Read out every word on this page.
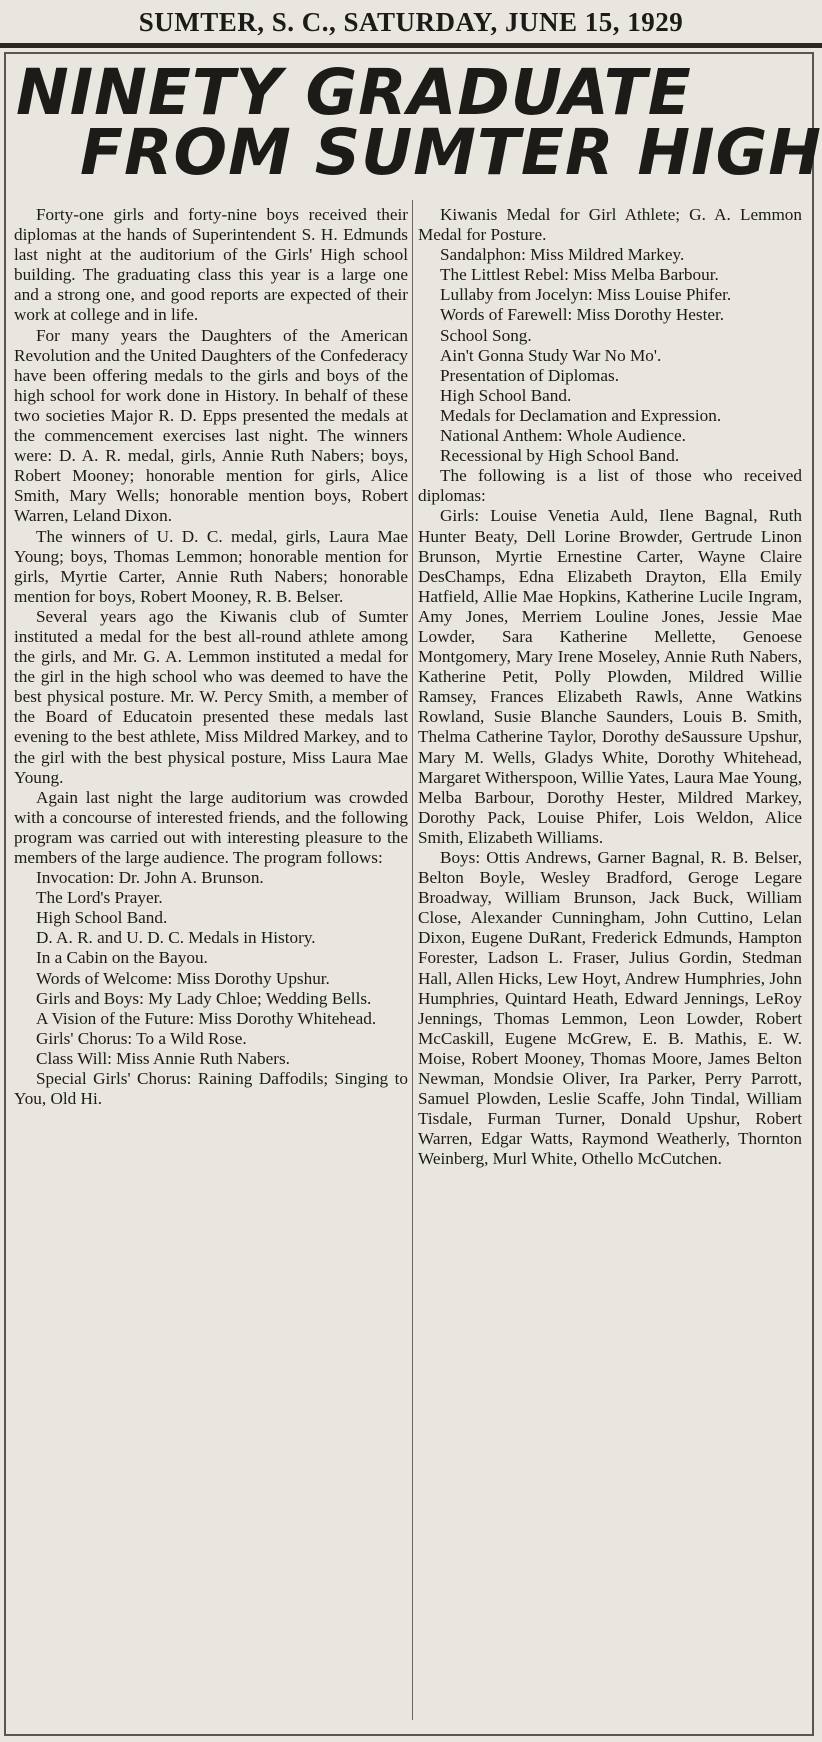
SUMTER, S. C., SATURDAY, JUNE 15, 1929
NINETY GRADUATE
FROM SUMTER HIGH

Forty-one girls and forty-nine boys received their diplomas at the hands of Superintendent S. H. Edmunds last night at the auditorium of the Girls' High school building. The graduating class this year is a large one and a strong one, and good reports are expected of their work at college and in life.

For many years the Daughters of the American Revolution and the United Daughters of the Confederacy have been offering medals to the girls and boys of the high school for work done in History. In behalf of these two societies Major R. D. Epps presented the medals at the commencement exercises last night. The winners were: D. A. R. medal, girls, Annie Ruth Nabers; boys, Robert Mooney; honorable mention for girls, Alice Smith, Mary Wells; honorable mention boys, Robert Warren, Leland Dixon.

The winners of U. D. C. medal, girls, Laura Mae Young; boys, Thomas Lemmon; honorable mention for girls, Myrtie Carter, Annie Ruth Nabers; honorable mention for boys, Robert Mooney, R. B. Belser.

Several years ago the Kiwanis club of Sumter instituted a medal for the best all-round athlete among the girls, and Mr. G. A. Lemmon instituted a medal for the girl in the high school who was deemed to have the best physical posture. Mr. W. Percy Smith, a member of the Board of Educatoin presented these medals last evening to the best athlete, Miss Mildred Markey, and to the girl with the best physical posture, Miss Laura Mae Young.

Again last night the large auditorium was crowded with a concourse of interested friends, and the following program was carried out with interesting pleasure to the members of the large audience. The program follows:

Invocation: Dr. John A. Brunson.

The Lord's Prayer.

High School Band.

D. A. R. and U. D. C. Medals in History.

In a Cabin on the Bayou.

Words of Welcome: Miss Dorothy Upshur.

Girls and Boys: My Lady Chloe; Wedding Bells.

A Vision of the Future: Miss Dorothy Whitehead.

Girls' Chorus: To a Wild Rose.

Class Will: Miss Annie Ruth Nabers.

Special Girls' Chorus: Raining Daffodils; Singing to You, Old Hi.

Kiwanis Medal for Girl Athlete; G. A. Lemmon Medal for Posture.

Sandalphon: Miss Mildred Markey.

The Littlest Rebel: Miss Melba Barbour.

Lullaby from Jocelyn: Miss Louise Phifer.

Words of Farewell: Miss Dorothy Hester.

School Song.

Ain't Gonna Study War No Mo'.

Presentation of Diplomas.

High School Band.

Medals for Declamation and Expression.

National Anthem: Whole Audience.

Recessional by High School Band.

The following is a list of those who received diplomas:

Girls: Louise Venetia Auld, Ilene Bagnal, Ruth Hunter Beaty, Dell Lorine Browder, Gertrude Linon Brunson, Myrtie Ernestine Carter, Wayne Claire DesChamps, Edna Elizabeth Drayton, Ella Emily Hatfield, Allie Mae Hopkins, Katherine Lucile Ingram, Amy Jones, Merriem Louline Jones, Jessie Mae Lowder, Sara Katherine Mellette, Genoese Montgomery, Mary Irene Moseley, Annie Ruth Nabers, Katherine Petit, Polly Plowden, Mildred Willie Ramsey, Frances Elizabeth Rawls, Anne Watkins Rowland, Susie Blanche Saunders, Louis B. Smith, Thelma Catherine Taylor, Dorothy deSaussure Upshur, Mary M. Wells, Gladys White, Dorothy Whitehead, Margaret Witherspoon, Willie Yates, Laura Mae Young, Melba Barbour, Dorothy Hester, Mildred Markey, Dorothy Pack, Louise Phifer, Lois Weldon, Alice Smith, Elizabeth Williams.

Boys: Ottis Andrews, Garner Bagnal, R. B. Belser, Belton Boyle, Wesley Bradford, Geroge Legare Broadway, William Brunson, Jack Buck, William Close, Alexander Cunningham, John Cuttino, Lelan Dixon, Eugene DuRant, Frederick Edmunds, Hampton Forester, Ladson L. Fraser, Julius Gordin, Stedman Hall, Allen Hicks, Lew Hoyt, Andrew Humphries, John Humphries, Quintard Heath, Edward Jennings, LeRoy Jennings, Thomas Lemmon, Leon Lowder, Robert McCaskill, Eugene McGrew, E. B. Mathis, E. W. Moise, Robert Mooney, Thomas Moore, James Belton Newman, Mondsie Oliver, Ira Parker, Perry Parrott, Samuel Plowden, Leslie Scaffe, John Tindal, William Tisdale, Furman Turner, Donald Upshur, Robert Warren, Edgar Watts, Raymond Weatherly, Thornton Weinberg, Murl White, Othello McCutchen.
